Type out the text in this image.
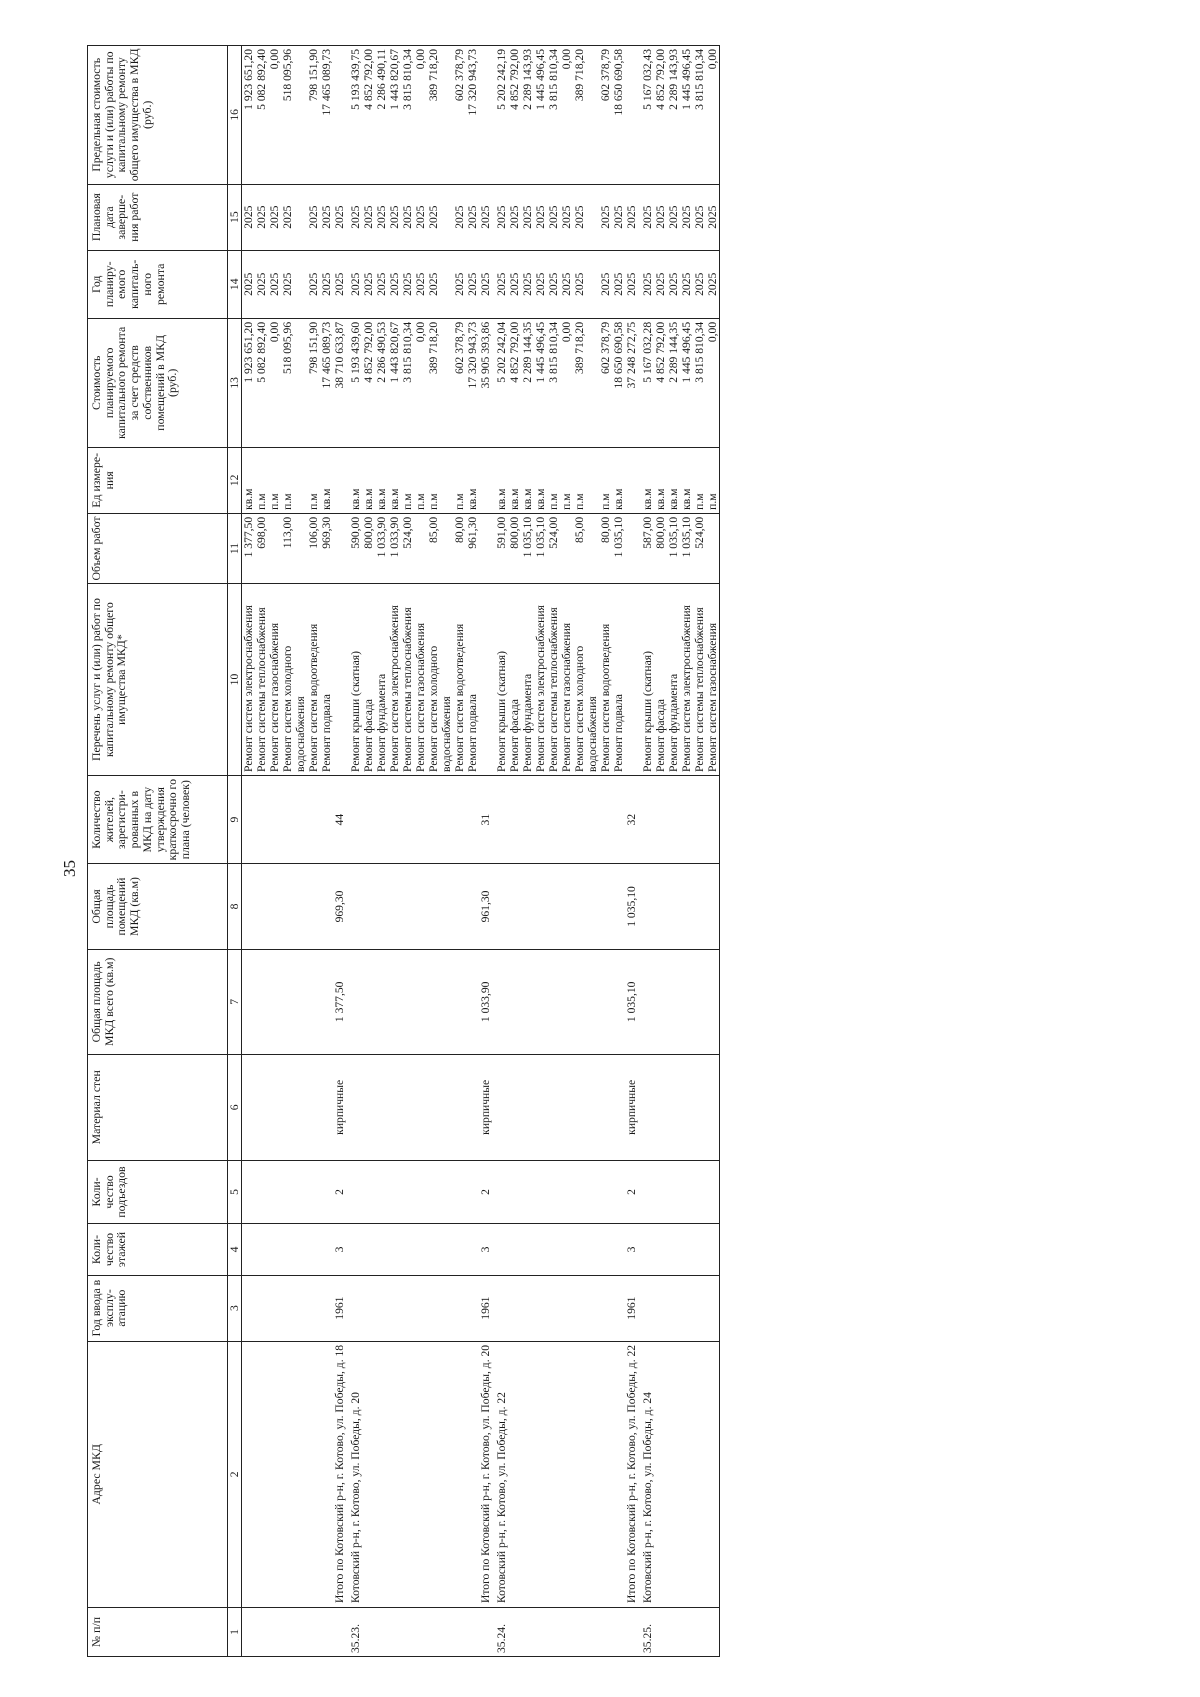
35
№ п/п	Адрес МКД	Год ввода в эксплу-атацию	Коли-чество этажей	Коли-чество подъездов	Материал стен	Общая площадь МКД всего (кв.м)	Общая площадь помещений МКД (кв.м)	Количество жителей, зарегистри-рованных в МКД на дату утверждения краткосрочно го плана (человек)	Перечень услуг и (или) работ по капитальному ремонту общего имущества МКД*	Объем работ	Ед измере-ния	Стоимость планируемого капитального ремонта за счет средств собственников помещений в МКД (руб.)	Год планиру-емого капиталь-ного ремонта	Плановая дата заверше-ния работ	Предельная стоимость услуги и (или) работы по капитальному ремонту общего имущества в МКД (руб.)
1	2	3	4	5	6	7	8	9	10	11	12	13	14	15	16
									Ремонт систем электроснабжения	1 377,50	кв.м	1 923 651,20	2025	2025	1 923 651,20
									Ремонт системы теплоснабжения	698,00	п.м	5 082 892,40	2025	2025	5 082 892,40
									Ремонт систем газоснабжения		п.м	0,00	2025	2025	0,00
									Ремонт систем холодного водоснабжения	113,00	п.м	518 095,96	2025	2025	518 095,96
									Ремонт систем водоотведения	106,00	п.м	798 151,90	2025	2025	798 151,90
									Ремонт подвала	969,30	кв.м	17 465 089,73	2025	2025	17 465 089,73
	Итого по Котовский р-н, г. Котово, ул. Победы, д. 18	1961	3	2	кирпичные	1 377,50	969,30	44				38 710 633,87	2025	2025	
35.23.	Котовский р-н, г. Котово, ул. Победы, д. 20								Ремонт крыши (скатная)	590,00	кв.м	5 193 439,60	2025	2025	5 193 439,75
									Ремонт фасада	800,00	кв.м	4 852 792,00	2025	2025	4 852 792,00
									Ремонт фундамента	1 033,90	кв.м	2 286 490,53	2025	2025	2 286 490,11
									Ремонт систем электроснабжения	1 033,90	кв.м	1 443 820,67	2025	2025	1 443 820,67
									Ремонт системы теплоснабжения	524,00	п.м	3 815 810,34	2025	2025	3 815 810,34
									Ремонт систем газоснабжения		п.м	0,00	2025	2025	0,00
									Ремонт систем холодного водоснабжения	85,00	п.м	389 718,20	2025	2025	389 718,20
									Ремонт систем водоотведения	80,00	п.м	602 378,79	2025	2025	602 378,79
									Ремонт подвала	961,30	кв.м	17 320 943,73	2025	2025	17 320 943,73
	Итого по Котовский р-н, г. Котово, ул. Победы, д. 20	1961	3	2	кирпичные	1 033,90	961,30	31				35 905 393,86	2025	2025	
35.24.	Котовский р-н, г. Котово, ул. Победы, д. 22								Ремонт крыши (скатная)	591,00	кв.м	5 202 242,04	2025	2025	5 202 242,19
									Ремонт фасада	800,00	кв.м	4 852 792,00	2025	2025	4 852 792,00
									Ремонт фундамента	1 035,10	кв.м	2 289 144,35	2025	2025	2 289 143,93
									Ремонт систем электроснабжения	1 035,10	кв.м	1 445 496,45	2025	2025	1 445 496,45
									Ремонт системы теплоснабжения	524,00	п.м	3 815 810,34	2025	2025	3 815 810,34
									Ремонт систем газоснабжения		п.м	0,00	2025	2025	0,00
									Ремонт систем холодного водоснабжения	85,00	п.м	389 718,20	2025	2025	389 718,20
									Ремонт систем водоотведения	80,00	п.м	602 378,79	2025	2025	602 378,79
									Ремонт подвала	1 035,10	кв.м	18 650 690,58	2025	2025	18 650 690,58
	Итого по Котовский р-н, г. Котово, ул. Победы, д. 22	1961	3	2	кирпичные	1 035,10	1 035,10	32				37 248 272,75	2025	2025	
35.25.	Котовский р-н, г. Котово, ул. Победы, д. 24								Ремонт крыши (скатная)	587,00	кв.м	5 167 032,28	2025	2025	5 167 032,43
									Ремонт фасада	800,00	кв.м	4 852 792,00	2025	2025	4 852 792,00
									Ремонт фундамента	1 035,10	кв.м	2 289 144,35	2025	2025	2 289 143,93
									Ремонт систем электроснабжения	1 035,10	кв.м	1 445 496,45	2025	2025	1 445 496,45
									Ремонт системы теплоснабжения	524,00	п.м	3 815 810,34	2025	2025	3 815 810,34
									Ремонт систем газоснабжения		п.м	0,00	2025	2025	0,00
